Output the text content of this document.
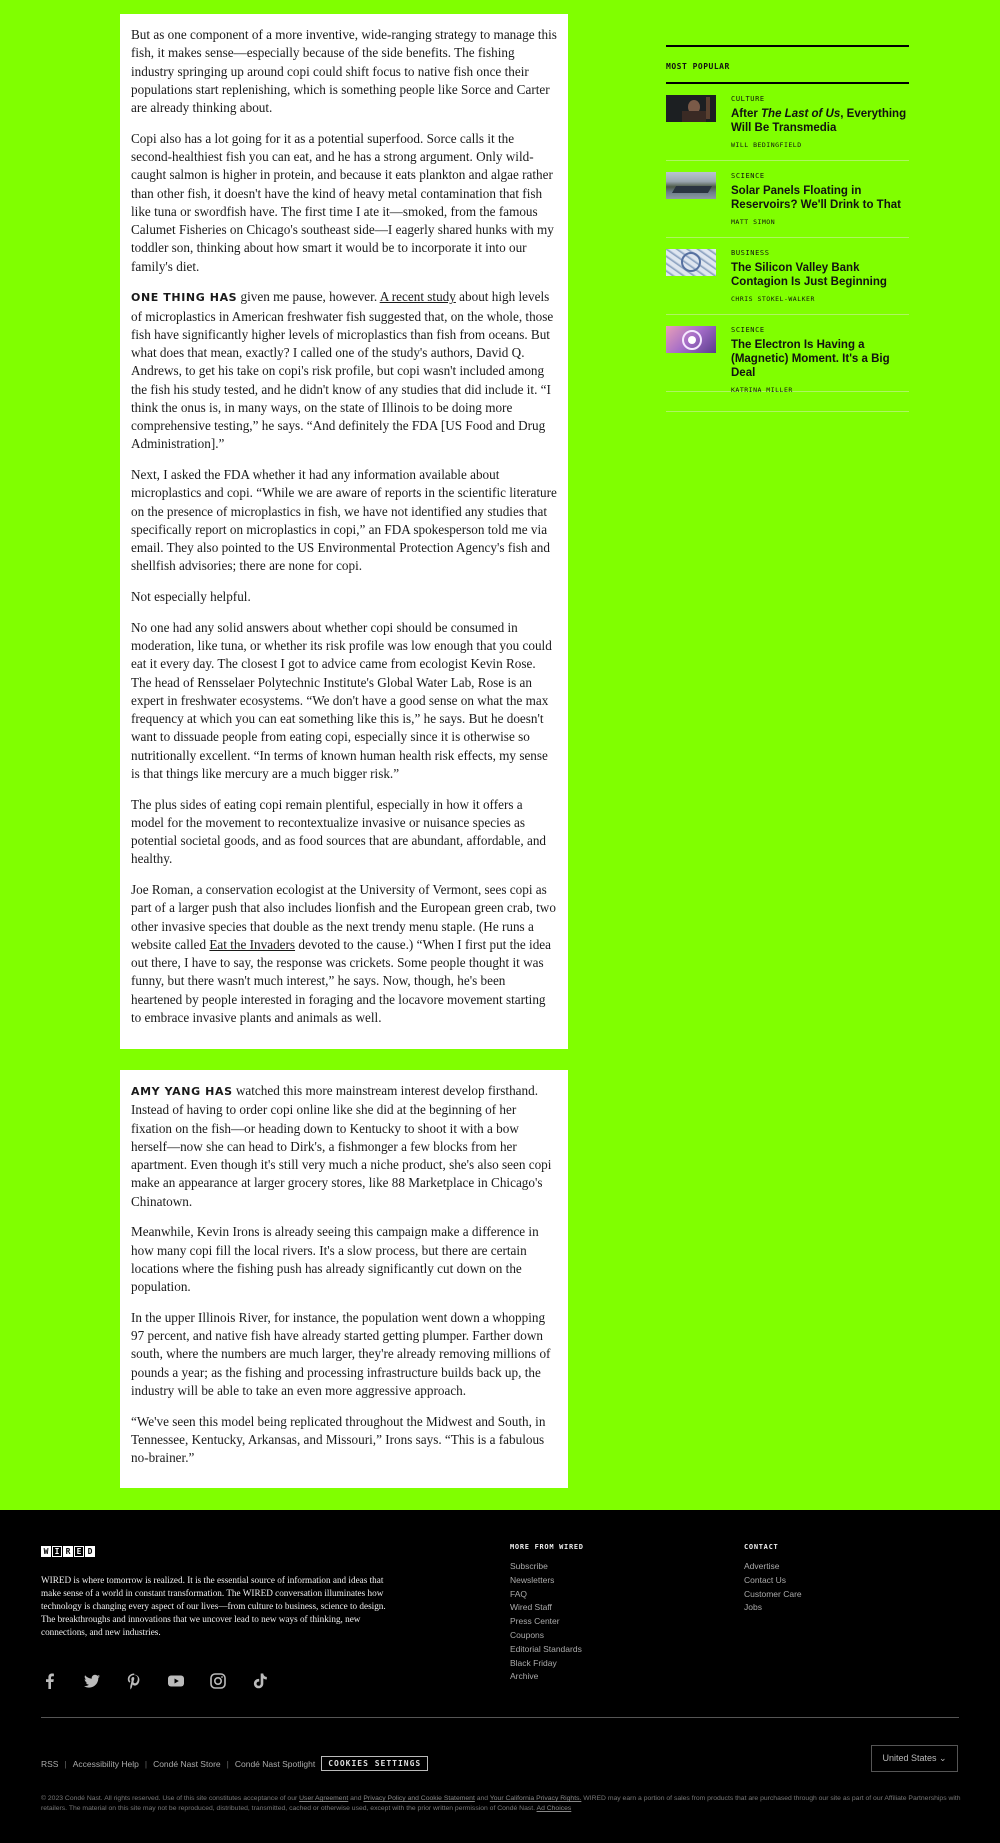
But as one component of a more inventive, wide-ranging strategy to manage this fish, it makes sense—especially because of the side benefits. The fishing industry springing up around copi could shift focus to native fish once their populations start replenishing, which is something people like Sorce and Carter are already thinking about.

Copi also has a lot going for it as a potential superfood. Sorce calls it the second-healthiest fish you can eat, and he has a strong argument. Only wild-caught salmon is higher in protein, and because it eats plankton and algae rather than other fish, it doesn't have the kind of heavy metal contamination that fish like tuna or swordfish have. The first time I ate it—smoked, from the famous Calumet Fisheries on Chicago's southeast side—I eagerly shared hunks with my toddler son, thinking about how smart it would be to incorporate it into our family's diet.

ONE THING HAS given me pause, however. A recent study about high levels of microplastics in American freshwater fish suggested that, on the whole, those fish have significantly higher levels of microplastics than fish from oceans. But what does that mean, exactly? I called one of the study's authors, David Q. Andrews, to get his take on copi's risk profile, but copi wasn't included among the fish his study tested, and he didn't know of any studies that did include it. “I think the onus is, in many ways, on the state of Illinois to be doing more comprehensive testing,” he says. “And definitely the FDA [US Food and Drug Administration].”

Next, I asked the FDA whether it had any information available about microplastics and copi. “While we are aware of reports in the scientific literature on the presence of microplastics in fish, we have not identified any studies that specifically report on microplastics in copi,” an FDA spokesperson told me via email. They also pointed to the US Environmental Protection Agency's fish and shellfish advisories; there are none for copi.

Not especially helpful.

No one had any solid answers about whether copi should be consumed in moderation, like tuna, or whether its risk profile was low enough that you could eat it every day. The closest I got to advice came from ecologist Kevin Rose. The head of Rensselaer Polytechnic Institute's Global Water Lab, Rose is an expert in freshwater ecosystems. “We don't have a good sense on what the max frequency at which you can eat something like this is,” he says. But he doesn't want to dissuade people from eating copi, especially since it is otherwise so nutritionally excellent. “In terms of known human health risk effects, my sense is that things like mercury are a much bigger risk.”

The plus sides of eating copi remain plentiful, especially in how it offers a model for the movement to recontextualize invasive or nuisance species as potential societal goods, and as food sources that are abundant, affordable, and healthy.

Joe Roman, a conservation ecologist at the University of Vermont, sees copi as part of a larger push that also includes lionfish and the European green crab, two other invasive species that double as the next trendy menu staple. (He runs a website called Eat the Invaders devoted to the cause.) “When I first put the idea out there, I have to say, the response was crickets. Some people thought it was funny, but there wasn't much interest,” he says. Now, though, he's been heartened by people interested in foraging and the locavore movement starting to embrace invasive plants and animals as well.

AMY YANG HAS watched this more mainstream interest develop firsthand. Instead of having to order copi online like she did at the beginning of her fixation on the fish—or heading down to Kentucky to shoot it with a bow herself—now she can head to Dirk's, a fishmonger a few blocks from her apartment. Even though it's still very much a niche product, she's also seen copi make an appearance at larger grocery stores, like 88 Marketplace in Chicago's Chinatown.

Meanwhile, Kevin Irons is already seeing this campaign make a difference in how many copi fill the local rivers. It's a slow process, but there are certain locations where the fishing push has already significantly cut down on the population.

In the upper Illinois River, for instance, the population went down a whopping 97 percent, and native fish have already started getting plumper. Farther down south, where the numbers are much larger, they're already removing millions of pounds a year; as the fishing and processing infrastructure builds back up, the industry will be able to take an even more aggressive approach.

“We've seen this model being replicated throughout the Midwest and South, in Tennessee, Kentucky, Arkansas, and Missouri,” Irons says. “This is a fabulous no-brainer.”

MOST POPULAR
CULTURE
After The Last of Us, Everything Will Be Transmedia
WILL BEDINGFIELD
SCIENCE
Solar Panels Floating in Reservoirs? We'll Drink to That
MATT SIMON
BUSINESS
The Silicon Valley Bank Contagion Is Just Beginning
CHRIS STOKEL-WALKER
SCIENCE
The Electron Is Having a (Magnetic) Moment. It's a Big Deal
KATRINA MILLER
W I R E D
WIRED is where tomorrow is realized. It is the essential source of information and ideas that make sense of a world in constant transformation. The WIRED conversation illuminates how technology is changing every aspect of our lives—from culture to business, science to design. The breakthroughs and innovations that we uncover lead to new ways of thinking, new connections, and new industries.
MORE FROM WIRED
Subscribe
Newsletters
FAQ
Wired Staff
Press Center
Coupons
Editorial Standards
Black Friday
Archive
CONTACT
Advertise
Contact Us
Customer Care
Jobs
RSS | Accessibility Help | Condé Nast Store | Condé Nast Spotlight	COOKIES SETTINGS
United States ⌄
© 2023 Condé Nast. All rights reserved. Use of this site constitutes acceptance of our User Agreement and Privacy Policy and Cookie Statement and Your California Privacy Rights. WIRED may earn a portion of sales from products that are purchased through our site as part of our Affiliate Partnerships with retailers. The material on this site may not be reproduced, distributed, transmitted, cached or otherwise used, except with the prior written permission of Condé Nast. Ad Choices
